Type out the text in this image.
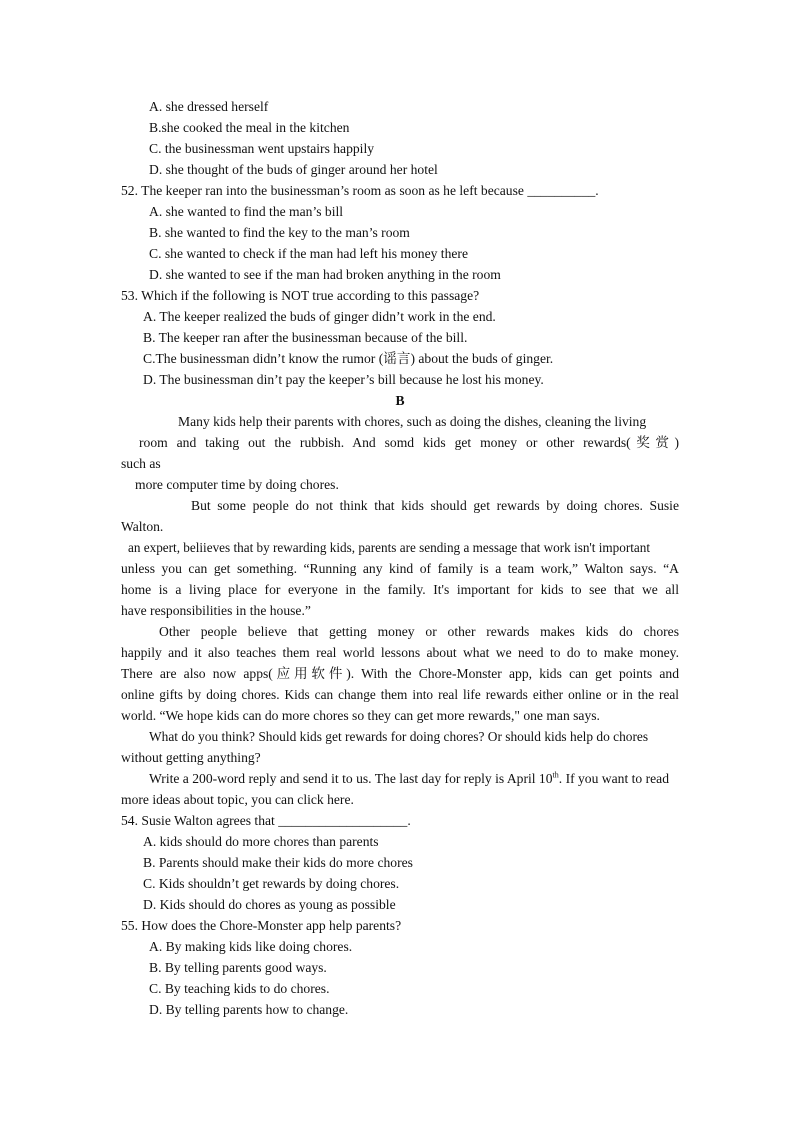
A. she dressed herself
B.she cooked the meal in the kitchen
C. the businessman went upstairs happily
D. she thought of the buds of ginger around her hotel
52. The keeper ran into the businessman’s room as soon as he left because __________.
A. she wanted to find the man’s bill
B. she wanted to find the key to the man’s room
C. she wanted to check if the man had left his money there
D. she wanted to see if the man had broken anything in the room
53. Which if the following is NOT true according to this passage?
A. The keeper realized the buds of ginger didn’t work in the end.
B. The keeper ran after the businessman because of the bill.
C.The businessman didn’t know the rumor (谣言) about the buds of ginger.
D. The businessman din’t pay the keeper’s bill because he lost his money.
B
Many kids help their parents with chores, such as doing the dishes, cleaning the living
room and taking out the rubbish. And somd kids get money or other rewards(奖赏)
such as
more computer time by doing chores.
But some people do not think that kids should get rewards by doing chores. Susie
Walton.
an expert, beliieves that by rewarding kids, parents are sending a message that work isn't important
unless you can get something. “Running any kind of family is a team work,” Walton says. “A
home is a living place for everyone in the family. It's important for kids to see that we all
have responsibilities in the house.”
Other people believe that getting money or other rewards makes kids do chores
happily and it also teaches them real world lessons about what we need to do to make money.
There are also now apps(应用软件). With the Chore-Monster app, kids can get points and
online gifts by doing chores. Kids can change them into real life rewards either online or in the real
world. “We hope kids can do more chores so they can get more rewards," one man says.
What do you think? Should kids get rewards for doing chores? Or should kids help do chores
without getting anything?
Write a 200-word reply and send it to us. The last day for reply is April 10th. If you want to read
more ideas about topic, you can click here.
54. Susie Walton agrees that ___________________.
A. kids should do more chores than parents
B. Parents should make their kids do more chores
C. Kids shouldn’t get rewards by doing chores.
D. Kids should do chores as young as possible
55. How does the Chore-Monster app help parents?
A. By making kids like doing chores.
B. By telling parents good ways.
C. By teaching kids to do chores.
D. By telling parents how to change.
